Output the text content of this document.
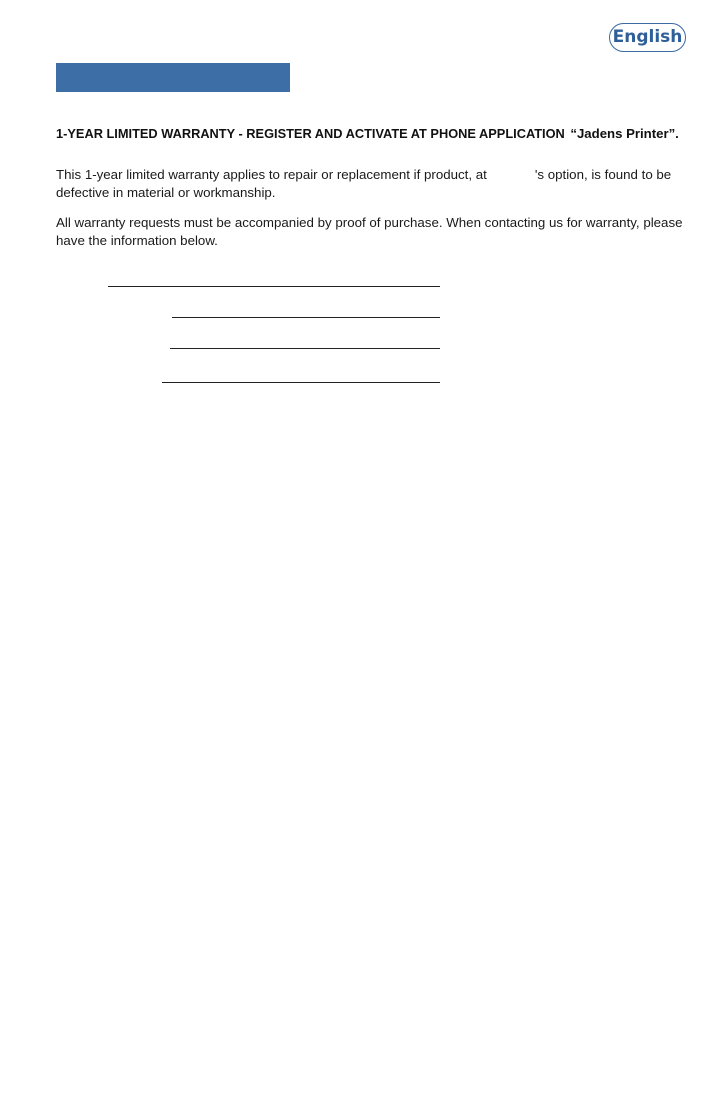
English
1-YEAR LIMITED WARRANTY - REGISTER AND ACTIVATE AT PHONE APPLICATION “Jadens Printer”.
This 1-year limited warranty applies to repair or replacement if product, at	's option, is found to be defective in material or workmanship.
All warranty requests must be accompanied by proof of purchase. When contacting us for warranty, please have the information below.
